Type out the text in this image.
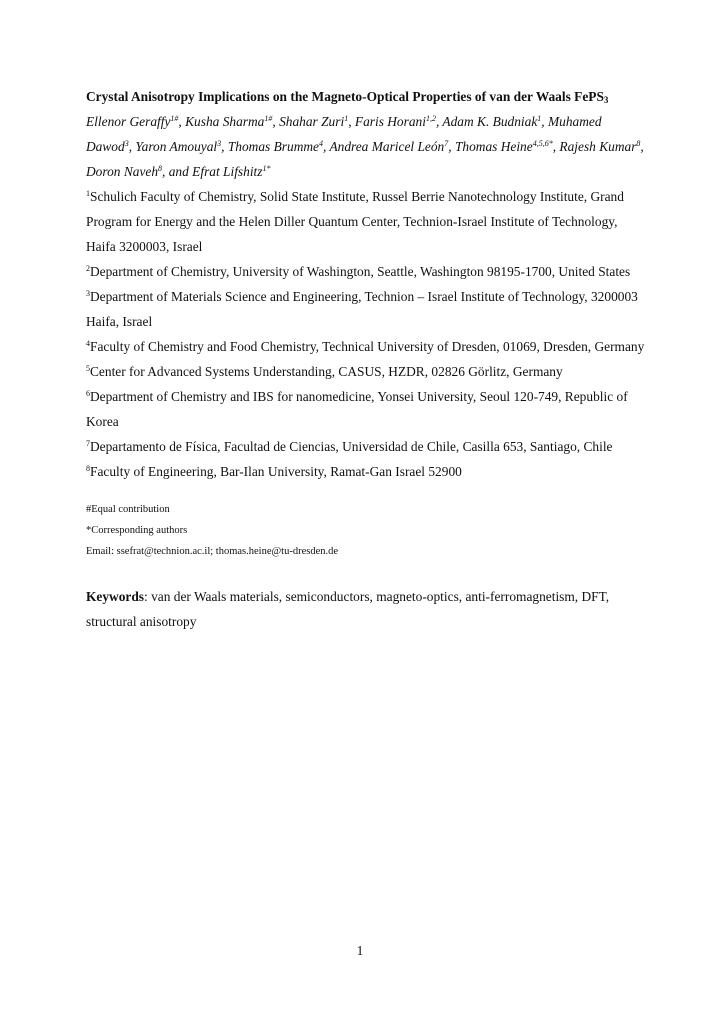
Crystal Anisotropy Implications on the Magneto-Optical Properties of van der Waals FePS$_3$

Ellenor Geraffy$^{1\#}$, Kusha Sharma$^{1\#}$, Shahar Zuri$^1$, Faris Horani$^{1,2}$, Adam K. Budniak$^1$, Muhamed Dawod$^3$, Yaron Amouyal$^3$, Thomas Brumme$^4$, Andrea Maricel León$^7$, Thomas Heine$^{4,5,6*}$, Rajesh Kumar$^8$, Doron Naveh$^8$, and Efrat Lifshitz$^{1*}$

$^1$Schulich Faculty of Chemistry, Solid State Institute, Russel Berrie Nanotechnology Institute, Grand Program for Energy and the Helen Diller Quantum Center, Technion-Israel Institute of Technology, Haifa 3200003, Israel

$^2$Department of Chemistry, University of Washington, Seattle, Washington 98195-1700, United States

$^3$Department of Materials Science and Engineering, Technion – Israel Institute of Technology, 3200003 Haifa, Israel

$^4$Faculty of Chemistry and Food Chemistry, Technical University of Dresden, 01069, Dresden, Germany

$^5$Center for Advanced Systems Understanding, CASUS, HZDR, 02826 Görlitz, Germany

$^6$Department of Chemistry and IBS for nanomedicine, Yonsei University, Seoul 120-749, Republic of Korea

$^7$Departamento de Física, Facultad de Ciencias, Universidad de Chile, Casilla 653, Santiago, Chile

$^8$Faculty of Engineering, Bar-Ilan University, Ramat-Gan Israel 52900

#Equal contribution

*Corresponding authors

Email: ssefrat@technion.ac.il; thomas.heine@tu-dresden.de

Keywords: van der Waals materials, semiconductors, magneto-optics, anti-ferromagnetism, DFT, structural anisotropy

1
